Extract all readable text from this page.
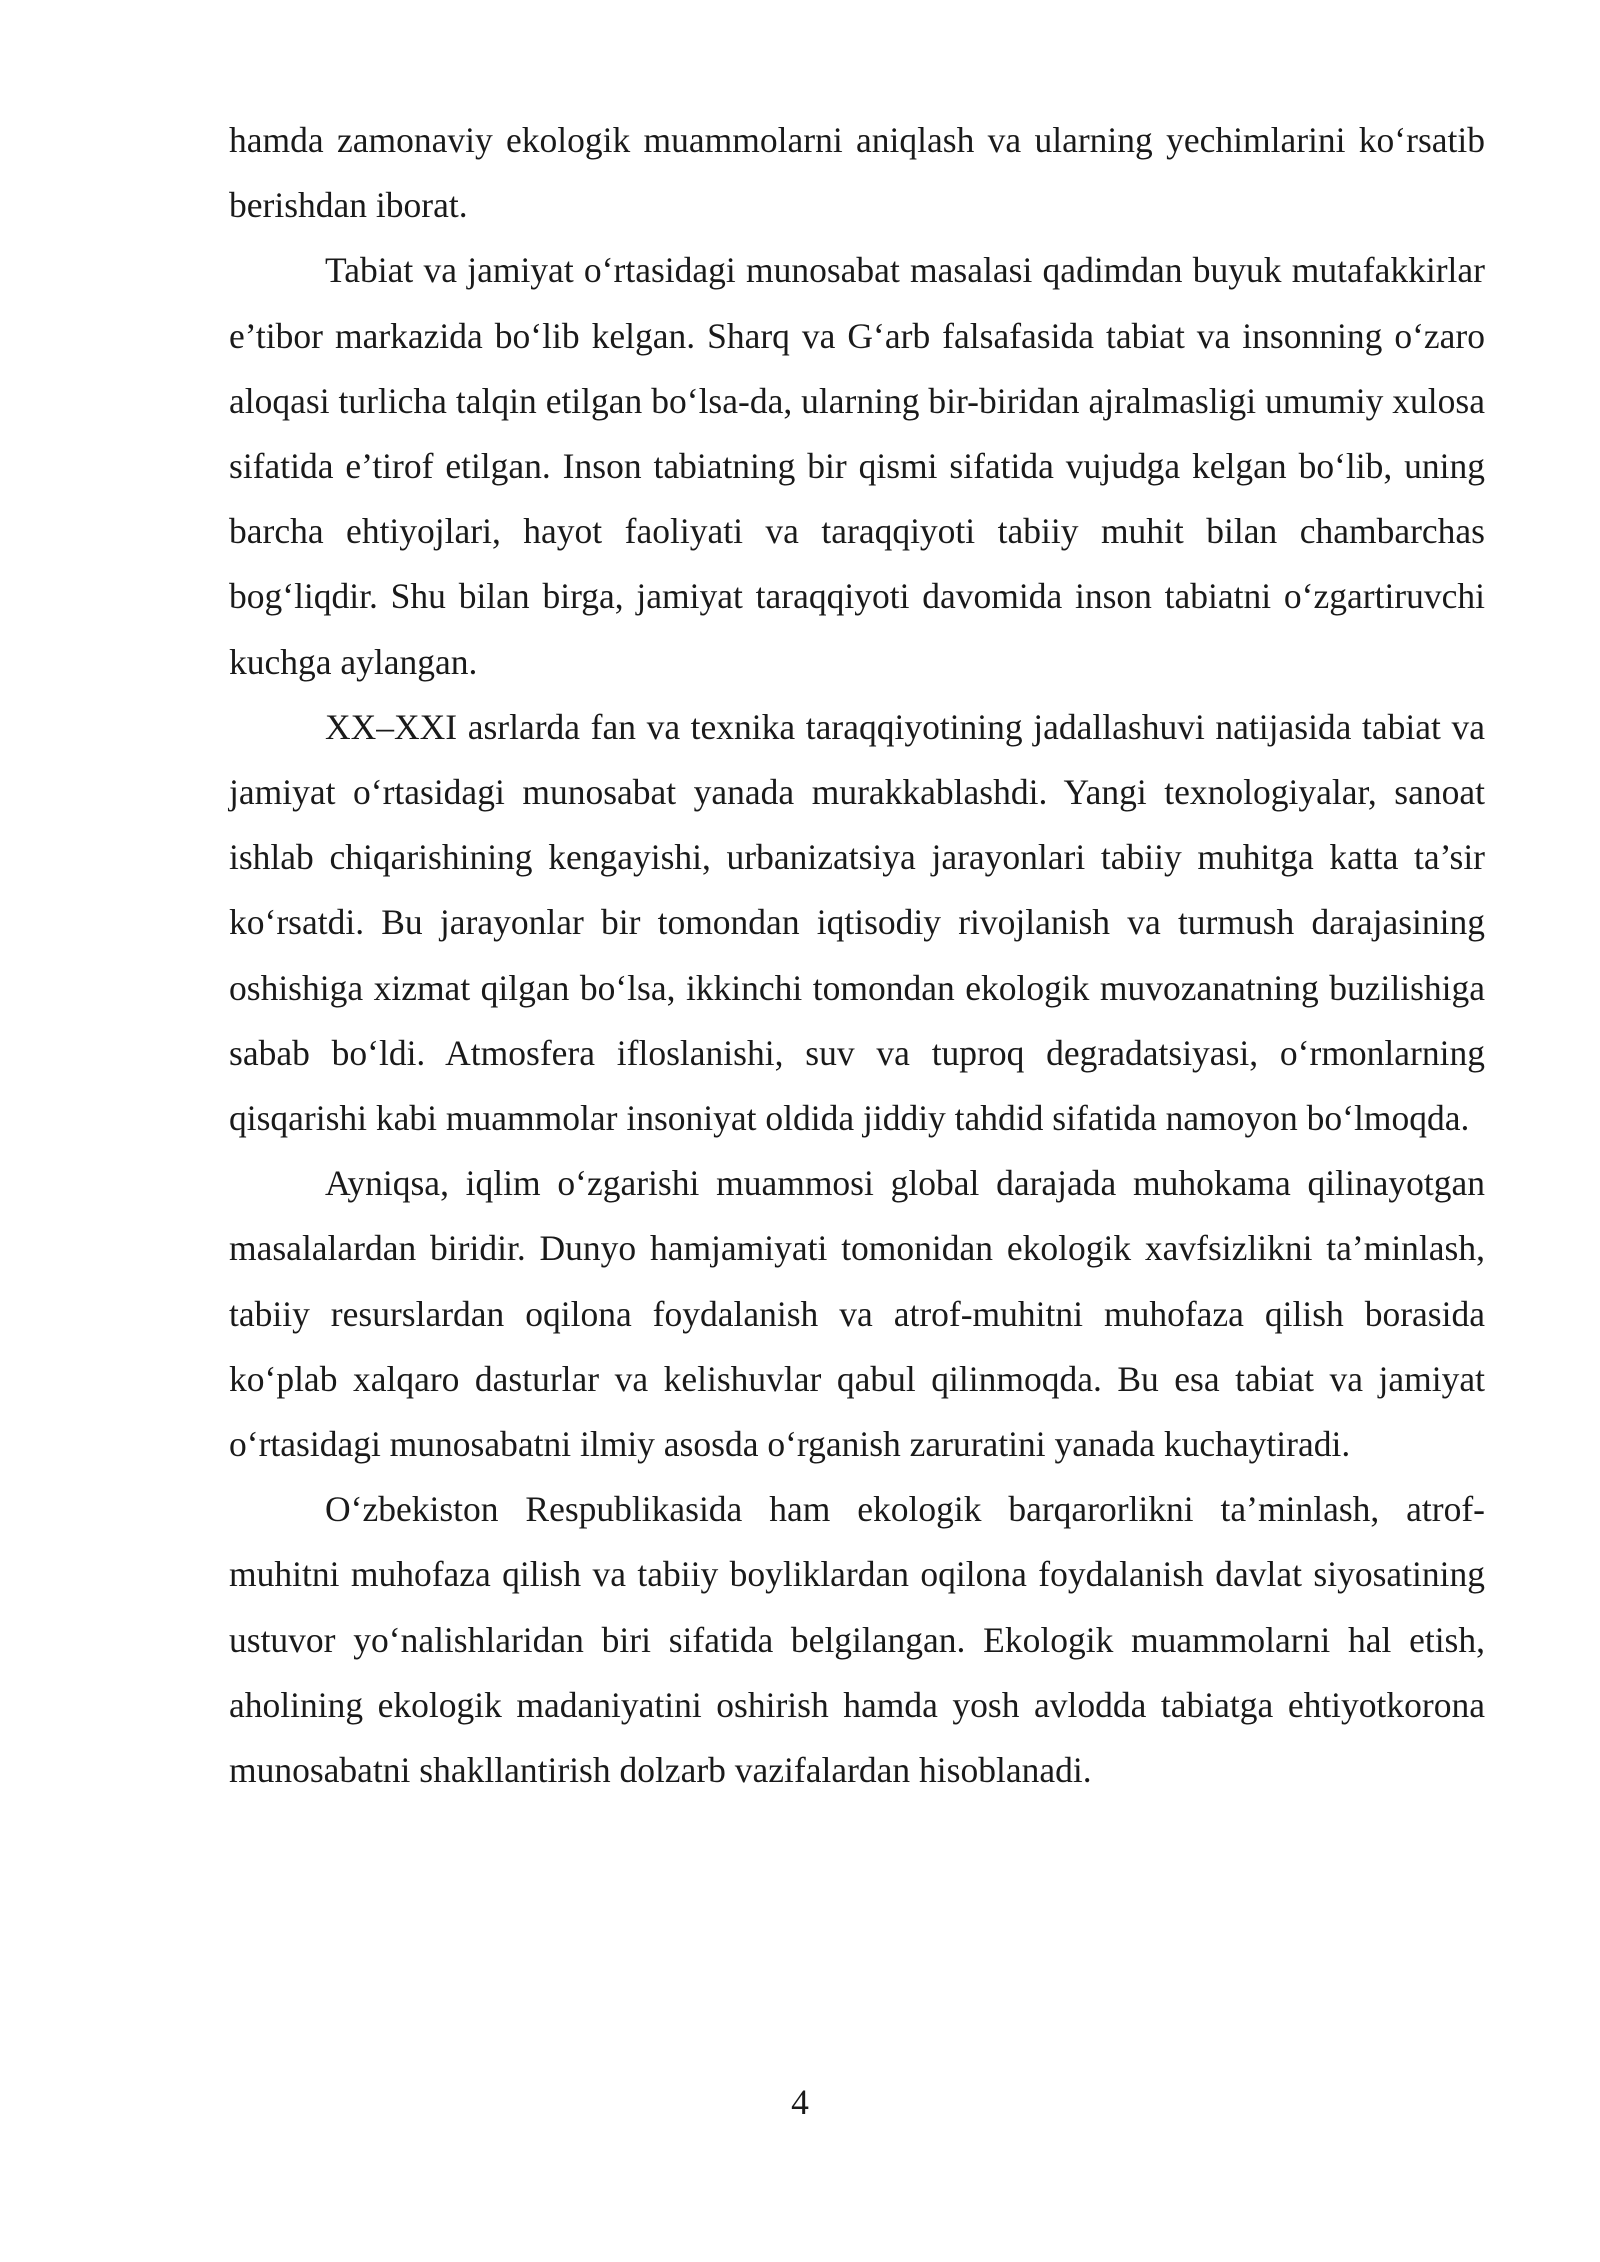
hamda zamonaviy ekologik muammolarni aniqlash va ularning yechimlarini ko‘rsatib berishdan iborat.

Tabiat va jamiyat o‘rtasidagi munosabat masalasi qadimdan buyuk mutafakkirlar e’tibor markazida bo‘lib kelgan. Sharq va G‘arb falsafasida tabiat va insonning o‘zaro aloqasi turlicha talqin etilgan bo‘lsa-da, ularning bir-biridan ajralmasligi umumiy xulosa sifatida e’tirof etilgan. Inson tabiatning bir qismi sifatida vujudga kelgan bo‘lib, uning barcha ehtiyojlari, hayot faoliyati va taraqqiyoti tabiiy muhit bilan chambarchas bog‘liqdir. Shu bilan birga, jamiyat taraqqiyoti davomida inson tabiatni o‘zgartiruvchi kuchga aylangan.

XX–XXI asrlarda fan va texnika taraqqiyotining jadallashuvi natijasida tabiat va jamiyat o‘rtasidagi munosabat yanada murakkablashdi. Yangi texnologiyalar, sanoat ishlab chiqarishining kengayishi, urbanizatsiya jarayonlari tabiiy muhitga katta ta’sir ko‘rsatdi. Bu jarayonlar bir tomondan iqtisodiy rivojlanish va turmush darajasining oshishiga xizmat qilgan bo‘lsa, ikkinchi tomondan ekologik muvozanatning buzilishiga sabab bo‘ldi. Atmosfera ifloslanishi, suv va tuproq degradatsiyasi, o‘rmonlarning qisqarishi kabi muammolar insoniyat oldida jiddiy tahdid sifatida namoyon bo‘lmoqda.

Ayniqsa, iqlim o‘zgarishi muammosi global darajada muhokama qilinayotgan masalalardan biridir. Dunyo hamjamiyati tomonidan ekologik xavfsizlikni ta’minlash, tabiiy resurslardan oqilona foydalanish va atrof-muhitni muhofaza qilish borasida ko‘plab xalqaro dasturlar va kelishuvlar qabul qilinmoqda. Bu esa tabiat va jamiyat o‘rtasidagi munosabatni ilmiy asosda o‘rganish zaruratini yanada kuchaytiradi.

O‘zbekiston Respublikasida ham ekologik barqarorlikni ta’minlash, atrof-muhitni muhofaza qilish va tabiiy boyliklardan oqilona foydalanish davlat siyosatining ustuvor yo‘nalishlaridan biri sifatida belgilangan. Ekologik muammolarni hal etish, aholining ekologik madaniyatini oshirish hamda yosh avlodda tabiatga ehtiyotkorona munosabatni shakllantirish dolzarb vazifalardan hisoblanadi.

4
